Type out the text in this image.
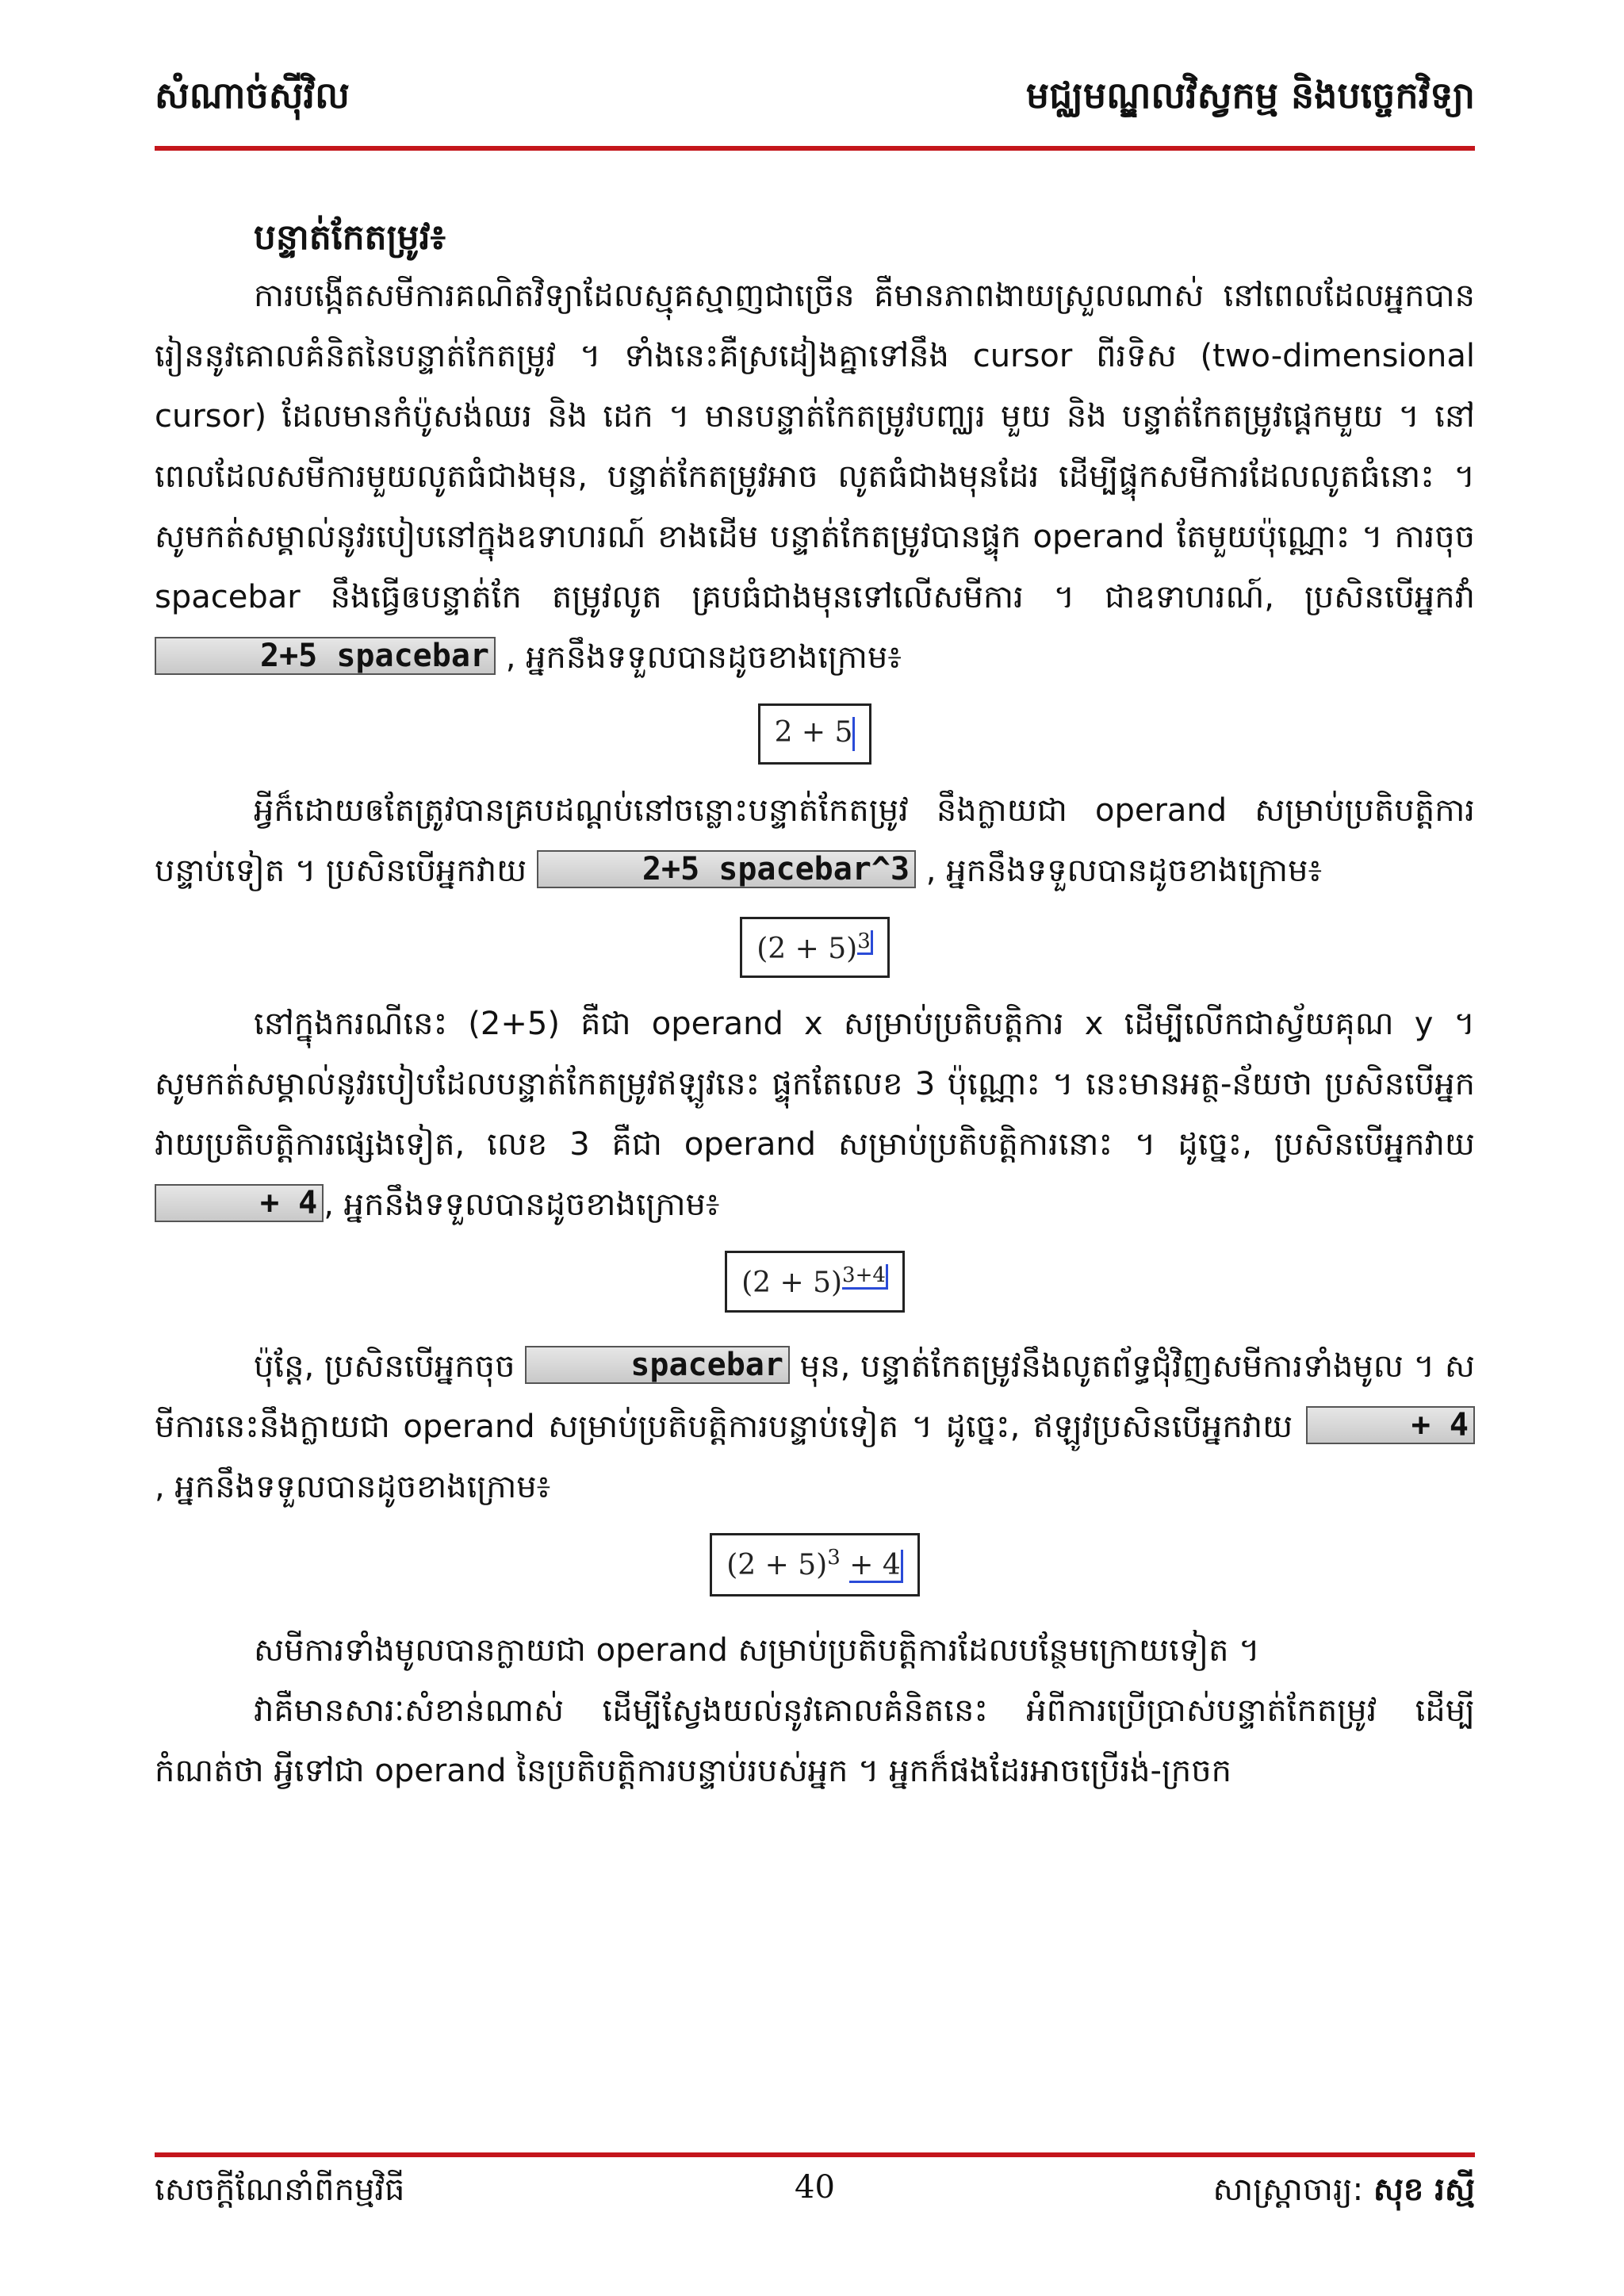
សំណាច់ស៊ីវិល	មជ្ឈមណ្ឌលវិស្វកម្ម និងបច្ចេកវិទ្យា
បន្ទាត់កែតម្រូវ៖

ការបង្កើតសមីការគណិតវិទ្យាដែលស្មុគស្មាញជាច្រើន គឺមានភាពងាយស្រួលណាស់ នៅពេលដែលអ្នកបានរៀននូវគោលគំនិតនៃបន្ទាត់កែតម្រូវ ។ ទាំងនេះគឺស្រដៀងគ្នាទៅនឹង cursor ពីរទិស (two-dimensional cursor) ដែលមានកំប៉ូសង់ឈរ និង ដេក ។ មានបន្ទាត់កែតម្រូវបញ្ឈរ មួយ និង បន្ទាត់កែតម្រូវផ្ដេកមួយ ។ នៅពេលដែលសមីការមួយលូតធំជាងមុន, បន្ទាត់កែតម្រូវអាច លូតធំជាងមុនដែរ ដើម្បីផ្ទុកសមីការដែលលូតធំនោះ ។ សូមកត់សម្គាល់នូវរបៀបនៅក្នុងឧទាហរណ៍ ខាងដើម បន្ទាត់កែតម្រូវបានផ្ទុក operand តែមួយប៉ុណ្ណោះ ។ ការចុច spacebar នឹងធ្វើឲបន្ទាត់កែ តម្រូវលូត គ្របធំជាងមុនទៅលើសមីការ ។ ជាឧទាហរណ៍, ប្រសិនបើអ្នកវាំ 2+5 spacebar , អ្នកនឹងទទួលបានដូចខាងក្រោម៖

2 + 5

អ្វីក៏ដោយឲតែត្រូវបានគ្របដណ្ដប់នៅចន្លោះបន្ទាត់កែតម្រូវ នឹងក្លាយជា operand សម្រាប់ប្រតិបត្តិការបន្ទាប់ទៀត ។ ប្រសិនបើអ្នកវាយ	2+5 spacebar^3 , អ្នកនឹងទទួលបានដូចខាងក្រោម៖

$(2 + 5)^3$

នៅក្នុងករណីនេះ (2+5) គឺជា operand x សម្រាប់ប្រតិបត្តិការ x ដើម្បីលើកជាស្វ័យគុណ y ។ សូមកត់សម្គាល់នូវរបៀបដែលបន្ទាត់កែតម្រូវឥឡូវនេះ ផ្ទុកតែលេខ 3 ប៉ុណ្ណោះ ។ នេះមានអត្ថ-ន័យថា ប្រសិនបើអ្នកវាយប្រតិបត្តិការផ្សេងទៀត, លេខ 3 គឺជា operand សម្រាប់ប្រតិបត្តិការនោះ ។ ដូច្នេះ, ប្រសិនបើអ្នកវាយ + 4 , អ្នកនឹងទទួលបានដូចខាងក្រោម៖

$(2 + 5)^{3+4}$

ប៉ុន្តែ, ប្រសិនបើអ្នកចុច	spacebar មុន, បន្ទាត់កែតម្រូវនឹងលូតព័ទ្ធជុំវិញសមីការទាំងមូល ។ សមីការនេះនឹងក្លាយជា operand សម្រាប់ប្រតិបត្តិការបន្ទាប់ទៀត ។ ដូច្នេះ, ឥឡូវប្រសិនបើអ្នកវាយ	+ 4 , អ្នកនឹងទទួលបានដូចខាងក្រោម៖

$(2 + 5)^3 + 4$

សមីការទាំងមូលបានក្លាយជា operand សម្រាប់ប្រតិបត្តិការដែលបន្ថែមក្រោយទៀត ។

វាគឺមានសារៈសំខាន់ណាស់ ដើម្បីស្វែងយល់នូវគោលគំនិតនេះ អំពីការប្រើប្រាស់បន្ទាត់កែតម្រូវ ដើម្បីកំណត់ថា អ្វីទៅជា operand នៃប្រតិបត្តិការបន្ទាប់របស់អ្នក ។ អ្នកក៏ផងដែរអាចប្រើរង់-ក្រចក

សេចក្ដីណែនាំពីកម្មវិធី	40	សាស្ត្រាចារ្យ: សុខ រស្មី
